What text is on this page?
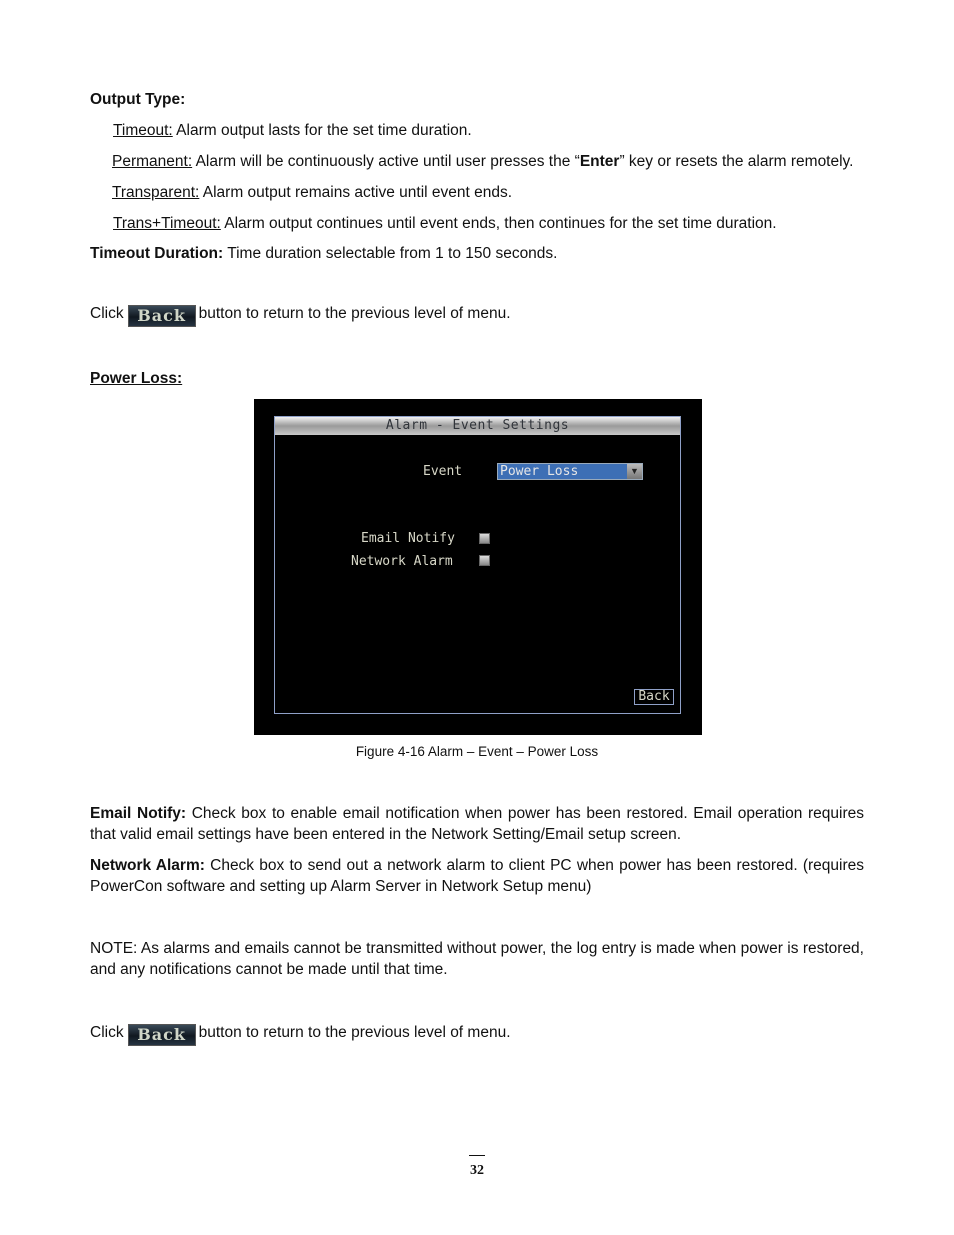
Output Type:
Timeout: Alarm output lasts for the set time duration.
Permanent: Alarm will be continuously active until user presses the “Enter” key or resets the alarm remotely.
Transparent: Alarm output remains active until event ends.
Trans+Timeout: Alarm output continues until event ends, then continues for the set time duration.
Timeout Duration: Time duration selectable from 1 to 150 seconds.
Click Back button to return to the previous level of menu.
Power Loss:
Alarm - Event Settings
Event	Power Loss	▼
Email Notify
Network Alarm
Back
Figure 4-16 Alarm – Event – Power Loss
Email Notify: Check box to enable email notification when power has been restored. Email operation requires that valid email settings have been entered in the Network Setting/Email setup screen.
Network Alarm: Check box to send out a network alarm to client PC when power has been restored. (requires PowerCon software and setting up Alarm Server in Network Setup menu)
NOTE: As alarms and emails cannot be transmitted without power, the log entry is made when power is restored, and any notifications cannot be made until that time.
Click Back button to return to the previous level of menu.
32
